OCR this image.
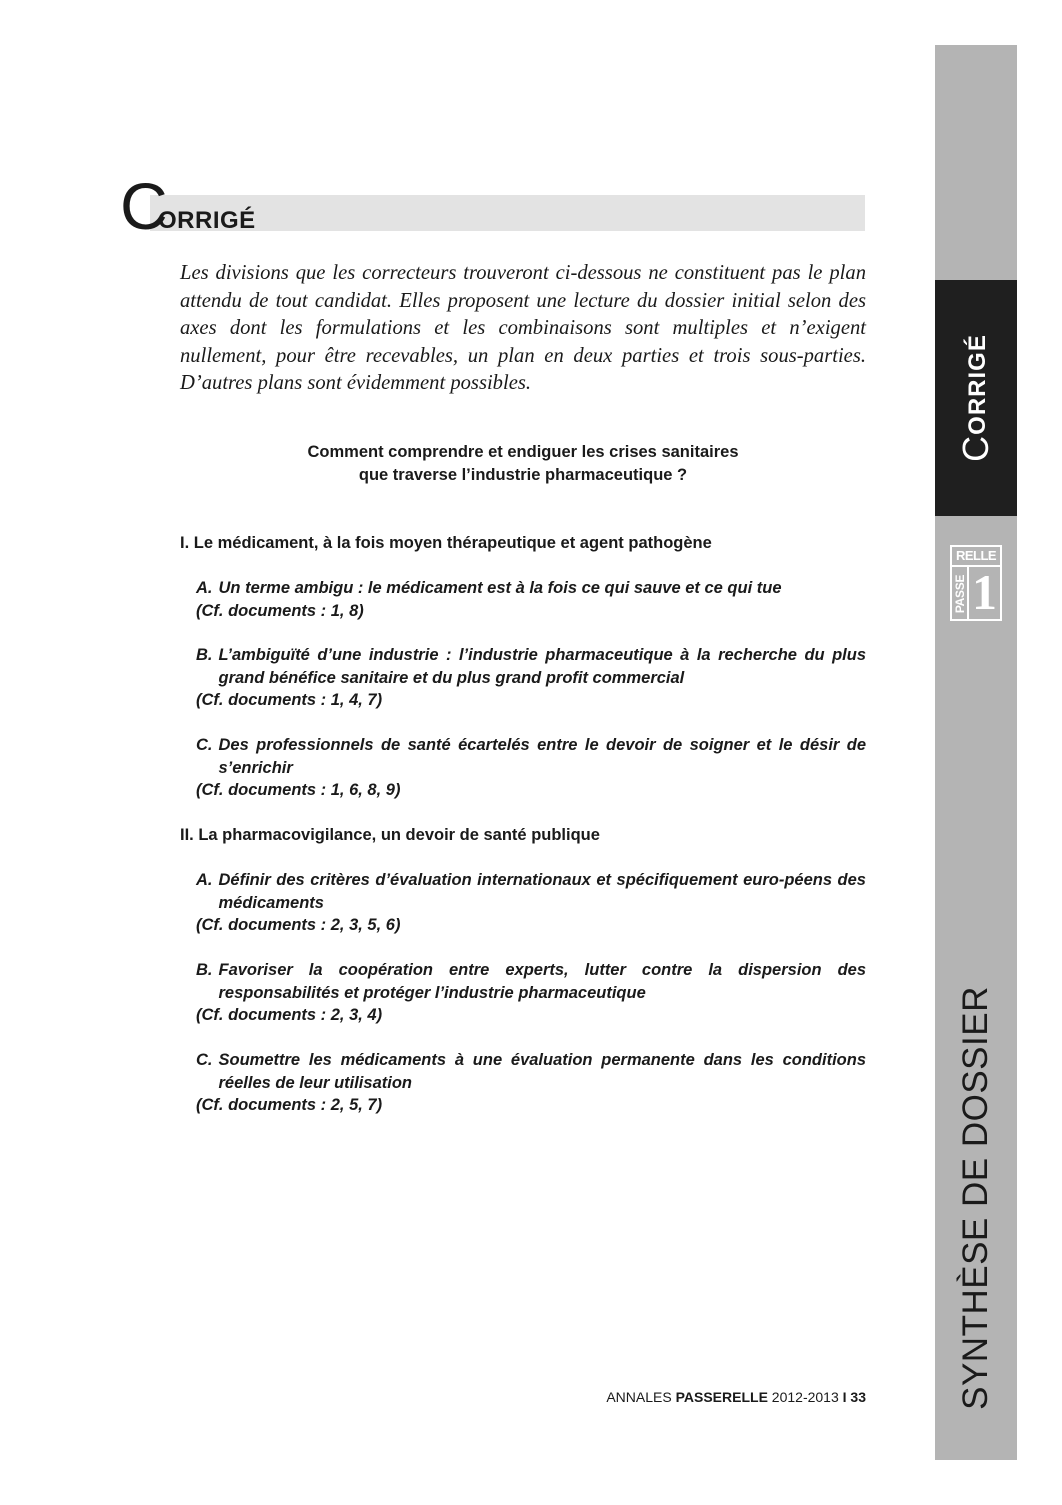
C
ORRIGÉ
Les divisions que les correcteurs trouveront ci-dessous ne constituent pas le plan attendu de tout candidat. Elles proposent une lecture du dossier initial selon des axes dont les formulations et les combinaisons sont multiples et n’exigent nullement, pour être recevables, un plan en deux parties et trois sous-parties. D’autres plans sont évidemment possibles.
Comment comprendre et endiguer les crises sanitaires
que traverse l’industrie pharmaceutique ?
I. Le médicament, à la fois moyen thérapeutique et agent pathogène
A. Un terme ambigu : le médicament est à la fois ce qui sauve et ce qui tue
(Cf. documents : 1, 8)
B. L’ambiguïté d’une industrie : l’industrie pharmaceutique à la recherche du plus grand bénéfice sanitaire et du plus grand profit commercial
(Cf. documents : 1, 4, 7)
C. Des professionnels de santé écartelés entre le devoir de soigner et le désir de s’enrichir
(Cf. documents : 1, 6, 8, 9)
II. La pharmacovigilance, un devoir de santé publique
A. Définir des critères d’évaluation internationaux et spécifiquement euro-péens des médicaments
(Cf. documents : 2, 3, 5, 6)
B. Favoriser la coopération entre experts, lutter contre la dispersion des responsabilités et protéger l’industrie pharmaceutique
(Cf. documents : 2, 3, 4)
C. Soumettre les médicaments à une évaluation permanente dans les conditions réelles de leur utilisation
(Cf. documents : 2, 5, 7)
ANNALES PASSERELLE 2012-2013 I 33
CORRIGÉ
RELLE
PASSE 1
SYNTHÈSE DE DOSSIER
